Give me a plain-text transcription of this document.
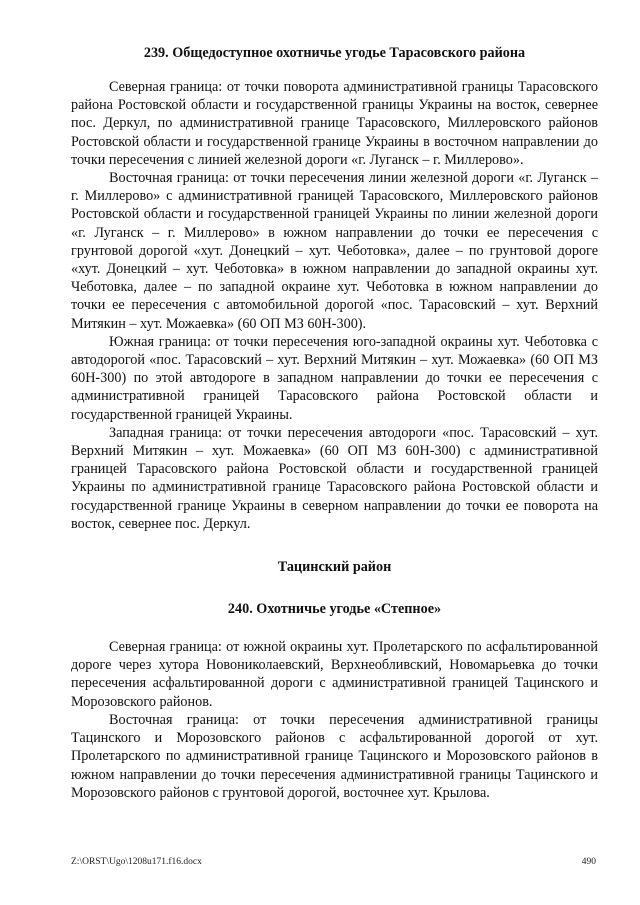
239. Общедоступное охотничье угодье Тарасовского района

Северная граница: от точки поворота административной границы Тарасовского района Ростовской области и государственной границы Украины на восток, севернее пос. Деркул, по административной границе Тарасовского, Миллеровского районов Ростовской области и государственной границе Украины в восточном направлении до точки пересечения с линией железной дороги «г. Луганск – г. Миллерово».

Восточная граница: от точки пересечения линии железной дороги «г. Луганск – г. Миллерово» с административной границей Тарасовского, Миллеровского районов Ростовской области и государственной границей Украины по линии железной дороги «г. Луганск – г. Миллерово» в южном направлении до точки ее пересечения с грунтовой дорогой «хут. Донецкий – хут. Чеботовка», далее – по грунтовой дороге «хут. Донецкий – хут. Чеботовка» в южном направлении до западной окраины хут. Чеботовка, далее – по западной окраине хут. Чеботовка в южном направлении до точки ее пересечения с автомобильной дорогой «пос. Тарасовский – хут. Верхний Митякин – хут. Можаевка» (60 ОП МЗ 60Н-300).

Южная граница: от точки пересечения юго-западной окраины хут. Чеботовка с автодорогой «пос. Тарасовский – хут. Верхний Митякин – хут. Можаевка» (60 ОП МЗ 60Н-300) по этой автодороге в западном направлении до точки ее пересечения с административной границей Тарасовского района Ростовской области и государственной границей Украины.

Западная граница: от точки пересечения автодороги «пос. Тарасовский – хут. Верхний Митякин – хут. Можаевка» (60 ОП МЗ 60Н-300) с административной границей Тарасовского района Ростовской области и государственной границей Украины по административной границе Тарасовского района Ростовской области и государственной границе Украины в северном направлении до точки ее поворота на восток, севернее пос. Деркул.

Тацинский район
240. Охотничье угодье «Степное»

Северная граница: от южной окраины хут. Пролетарского по асфальтированной дороге через хутора Новониколаевский, Верхнеобливский, Новомарьевка до точки пересечения асфальтированной дороги с административной границей Тацинского и Морозовского районов.

Восточная граница: от точки пересечения административной границы Тацинского и Морозовского районов с асфальтированной дорогой от хут. Пролетарского по административной границе Тацинского и Морозовского районов в южном направлении до точки пересечения административной границы Тацинского и Морозовского районов с грунтовой дорогой, восточнее хут. Крылова.

Z:\ORST\Ugo\1208u171.f16.docx	490
